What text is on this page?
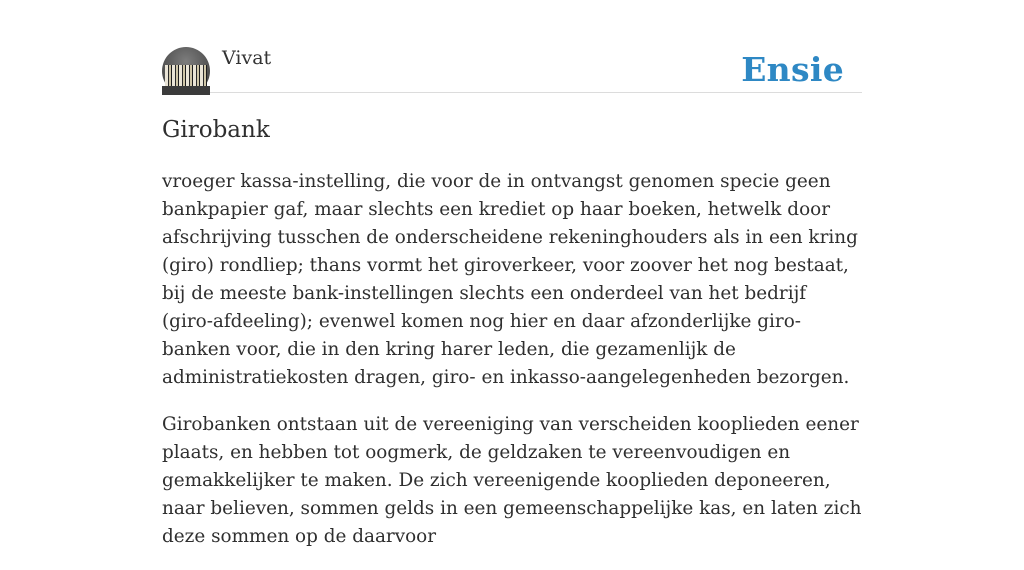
Vivat	Ensie
Girobank

vroeger kassa-instelling, die voor de in ontvangst genomen specie geen bankpapier gaf, maar slechts een krediet op haar boeken, hetwelk door afschrijving tusschen de onderscheidene rekeninghouders als in een kring (giro) rondliep; thans vormt het giroverkeer, voor zoover het nog bestaat, bij de meeste bank-instellingen slechts een onderdeel van het bedrijf (giro-afdeeling); evenwel komen nog hier en daar afzonderlijke giro-banken voor, die in den kring harer leden, die gezamenlijk de administratiekosten dragen, giro- en inkasso-aangelegenheden bezorgen.

Girobanken ontstaan uit de vereeniging van verscheiden kooplieden eener plaats, en hebben tot oogmerk, de geldzaken te vereenvoudigen en gemakkelijker te maken. De zich vereenigende kooplieden deponeeren, naar believen, sommen gelds in een gemeenschappelijke kas, en laten zich deze sommen op de daarvoor
